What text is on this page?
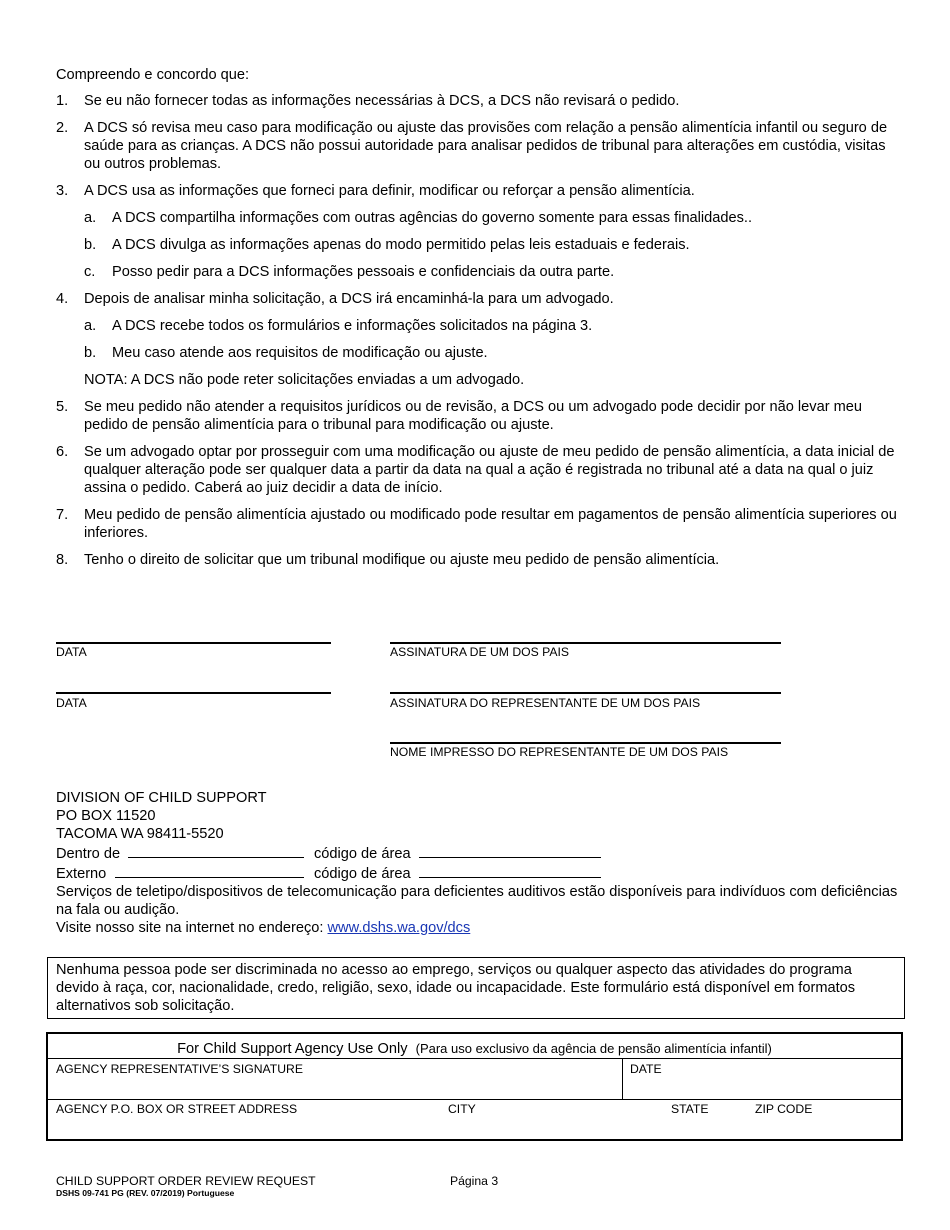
Compreendo e concordo que:
1. Se eu não fornecer todas as informações necessárias à DCS, a DCS não revisará o pedido.
2. A DCS só revisa meu caso para modificação ou ajuste das provisões com relação a pensão alimentícia infantil ou seguro de saúde para as crianças. A DCS não possui autoridade para analisar pedidos de tribunal para alterações em custódia, visitas ou outros problemas.
3. A DCS usa as informações que forneci para definir, modificar ou reforçar a pensão alimentícia.
a. A DCS compartilha informações com outras agências do governo somente para essas finalidades..
b. A DCS divulga as informações apenas do modo permitido pelas leis estaduais e federais.
c. Posso pedir para a DCS informações pessoais e confidenciais da outra parte.
4. Depois de analisar minha solicitação, a DCS irá encaminhá-la para um advogado.
a. A DCS recebe todos os formulários e informações solicitados na página 3.
b. Meu caso atende aos requisitos de modificação ou ajuste.
NOTA: A DCS não pode reter solicitações enviadas a um advogado.
5. Se meu pedido não atender a requisitos jurídicos ou de revisão, a DCS ou um advogado pode decidir por não levar meu pedido de pensão alimentícia para o tribunal para modificação ou ajuste.
6. Se um advogado optar por prosseguir com uma modificação ou ajuste de meu pedido de pensão alimentícia, a data inicial de qualquer alteração pode ser qualquer data a partir da data na qual a ação é registrada no tribunal até a data na qual o juiz assina o pedido. Caberá ao juiz decidir a data de início.
7. Meu pedido de pensão alimentícia ajustado ou modificado pode resultar em pagamentos de pensão alimentícia superiores ou inferiores.
8. Tenho o direito de solicitar que um tribunal modifique ou ajuste meu pedido de pensão alimentícia.
DATA	ASSINATURA DE UM DOS PAIS
DATA	ASSINATURA DO REPRESENTANTE DE UM DOS PAIS
NOME IMPRESSO DO REPRESENTANTE DE UM DOS PAIS
DIVISION OF CHILD SUPPORT
PO BOX 11520
TACOMA WA 98411-5520
Dentro de	código de área
Externo	código de área
Serviços de teletipo/dispositivos de telecomunicação para deficientes auditivos estão disponíveis para indivíduos com deficiências na fala ou audição.
Visite nosso site na internet no endereço: www.dshs.wa.gov/dcs
Nenhuma pessoa pode ser discriminada no acesso ao emprego, serviços ou qualquer aspecto das atividades do programa devido à raça, cor, nacionalidade, credo, religião, sexo, idade ou incapacidade. Este formulário está disponível em formatos alternativos sob solicitação.
For Child Support Agency Use Only (Para uso exclusivo da agência de pensão alimentícia infantil)
AGENCY REPRESENTATIVE’S SIGNATURE	DATE
AGENCY P.O. BOX OR STREET ADDRESS	CITY	STATE	ZIP CODE
CHILD SUPPORT ORDER REVIEW REQUEST
DSHS 09-741 PG (REV. 07/2019) Portuguese
Página 3
